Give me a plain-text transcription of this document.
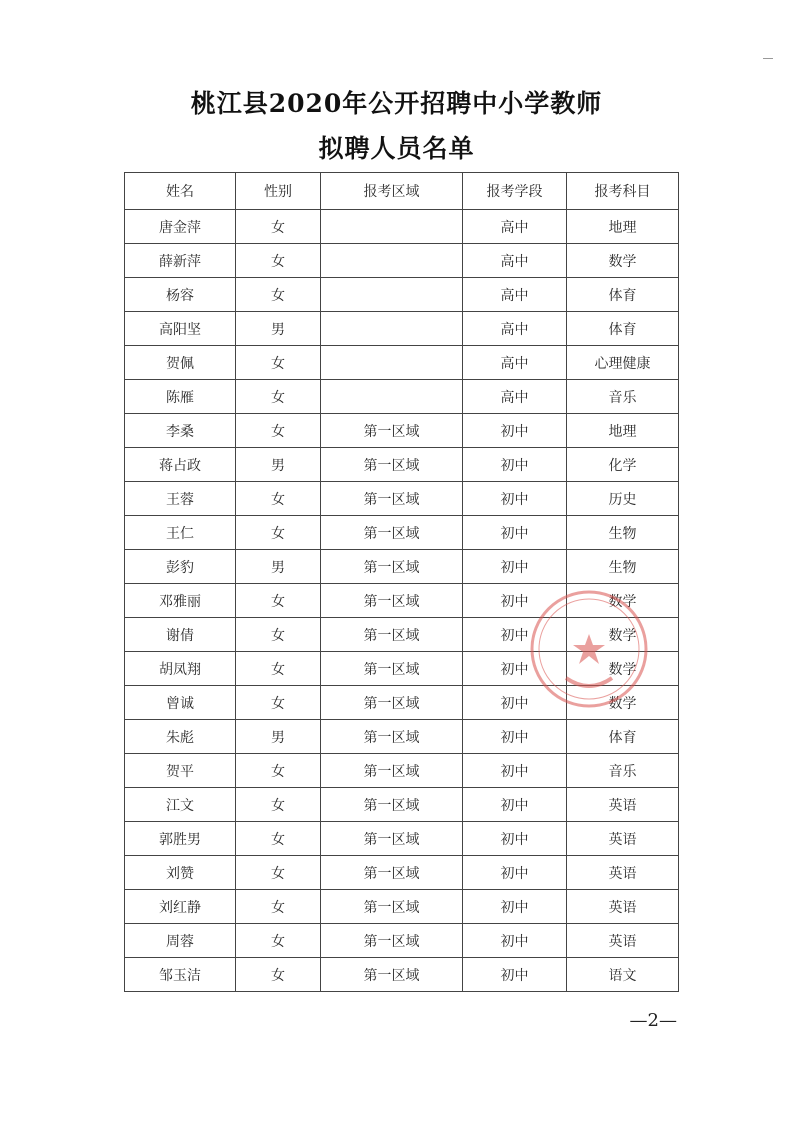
桃江县2020年公开招聘中小学教师
拟聘人员名单
姓名	性别	报考区域	报考学段	报考科目
唐金萍	女		高中	地理
薛新萍	女		高中	数学
杨容	女		高中	体育
高阳坚	男		高中	体育
贺佩	女		高中	心理健康
陈雁	女		高中	音乐
李桑	女	第一区域	初中	地理
蒋占政	男	第一区域	初中	化学
王蓉	女	第一区域	初中	历史
王仁	女	第一区域	初中	生物
彭豹	男	第一区域	初中	生物
邓雅丽	女	第一区域	初中	数学
谢倩	女	第一区域	初中	数学
胡凤翔	女	第一区域	初中	数学
曾诚	女	第一区域	初中	数学
朱彪	男	第一区域	初中	体育
贺平	女	第一区域	初中	音乐
江文	女	第一区域	初中	英语
郭胜男	女	第一区域	初中	英语
刘赞	女	第一区域	初中	英语
刘红静	女	第一区域	初中	英语
周蓉	女	第一区域	初中	英语
邹玉洁	女	第一区域	初中	语文
—2—
